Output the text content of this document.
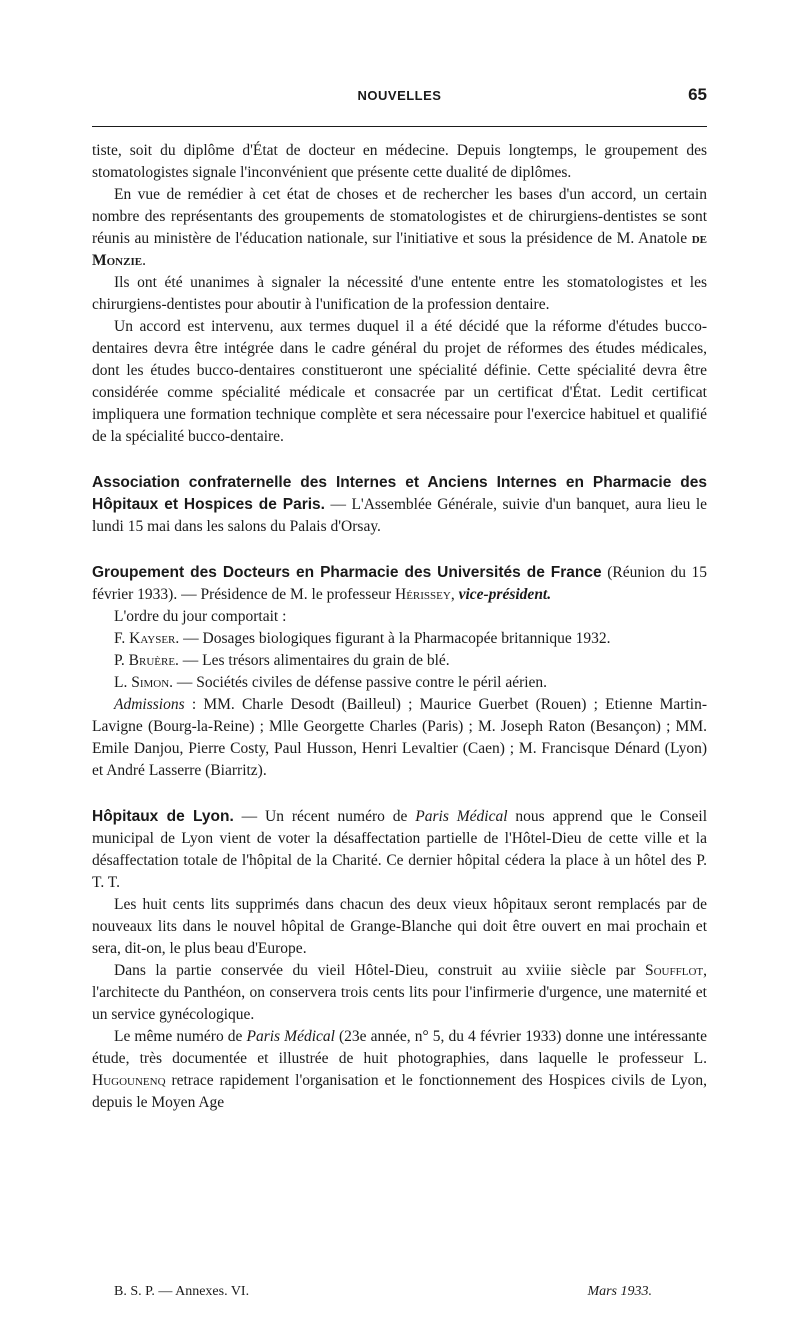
NOUVELLES	65

tiste, soit du diplôme d'État de docteur en médecine. Depuis longtemps, le groupement des stomatologistes signale l'inconvénient que présente cette dualité de diplômes.

En vue de remédier à cet état de choses et de rechercher les bases d'un accord, un certain nombre des représentants des groupements de stomatologistes et de chirurgiens-dentistes se sont réunis au ministère de l'éducation nationale, sur l'initiative et sous la présidence de M. Anatole de Monzie.

Ils ont été unanimes à signaler la nécessité d'une entente entre les stomatologistes et les chirurgiens-dentistes pour aboutir à l'unification de la profession dentaire.

Un accord est intervenu, aux termes duquel il a été décidé que la réforme d'études bucco-dentaires devra être intégrée dans le cadre général du projet de réformes des études médicales, dont les études bucco-dentaires constitueront une spécialité définie. Cette spécialité devra être considérée comme spécialité médicale et consacrée par un certificat d'État. Ledit certificat impliquera une formation technique complète et sera nécessaire pour l'exercice habituel et qualifié de la spécialité bucco-dentaire.

Association confraternelle des Internes et Anciens Internes en Pharmacie des Hôpitaux et Hospices de Paris. — L'Assemblée Générale, suivie d'un banquet, aura lieu le lundi 15 mai dans les salons du Palais d'Orsay.

Groupement des Docteurs en Pharmacie des Universités de France (Réunion du 15 février 1933). — Présidence de M. le professeur Hérissey, vice-président.

L'ordre du jour comportait :

F. Kayser. — Dosages biologiques figurant à la Pharmacopée britannique 1932.

P. Bruère. — Les trésors alimentaires du grain de blé.

L. Simon. — Sociétés civiles de défense passive contre le péril aérien.

Admissions : MM. Charle Desodt (Bailleul) ; Maurice Guerbet (Rouen) ; Etienne Martin-Lavigne (Bourg-la-Reine) ; Mlle Georgette Charles (Paris) ; M. Joseph Raton (Besançon) ; MM. Emile Danjou, Pierre Costy, Paul Husson, Henri Levaltier (Caen) ; M. Francisque Dénard (Lyon) et André Lasserre (Biarritz).

Hôpitaux de Lyon. — Un récent numéro de Paris Médical nous apprend que le Conseil municipal de Lyon vient de voter la désaffectation partielle de l'Hôtel-Dieu de cette ville et la désaffectation totale de l'hôpital de la Charité. Ce dernier hôpital cédera la place à un hôtel des P. T. T.

Les huit cents lits supprimés dans chacun des deux vieux hôpitaux seront remplacés par de nouveaux lits dans le nouvel hôpital de Grange-Blanche qui doit être ouvert en mai prochain et sera, dit-on, le plus beau d'Europe.

Dans la partie conservée du vieil Hôtel-Dieu, construit au xviiie siècle par Soufflot, l'architecte du Panthéon, on conservera trois cents lits pour l'infirmerie d'urgence, une maternité et un service gynécologique.

Le même numéro de Paris Médical (23e année, n° 5, du 4 février 1933) donne une intéressante étude, très documentée et illustrée de huit photographies, dans laquelle le professeur L. Hugounenq retrace rapidement l'organisation et le fonctionnement des Hospices civils de Lyon, depuis le Moyen Age

B. S. P. — Annexes. VI.	Mars 1933.
